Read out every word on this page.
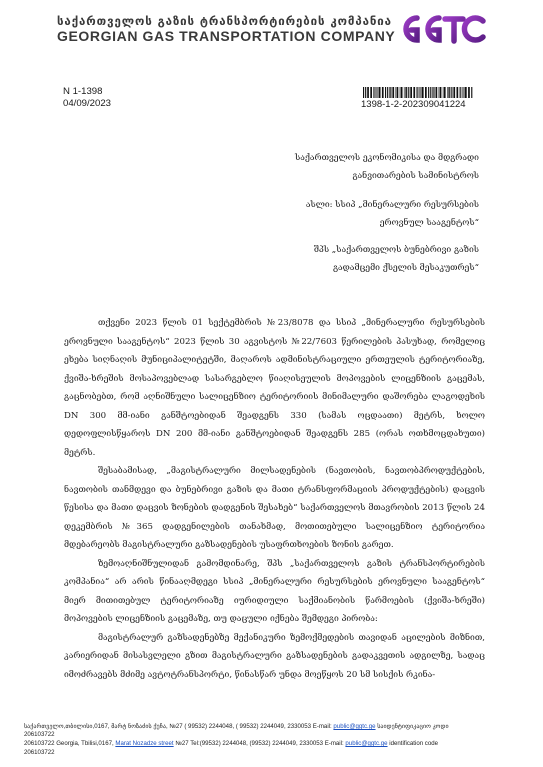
საქართველოს გაზის ტრანსპორტირების კომპანია
GEORGIAN GAS TRANSPORTATION COMPANY
N 1-1398
04/09/2023	1398-1-2-202309041224
საქართველოს ეკონომიკისა და მდგრადი
განვითარების სამინისტროს
ასლი: სსიპ „მინერალური რესურსების
ეროვნულ სააგენტოს“
შპს „საქართველოს ბუნებრივი გაზის
გადამცემი ქსელის მესაკუთრეს“

თქვენი 2023 წლის 01 სექტემბრის №23/8078 და სსიპ „მინერალური რესურსების ეროვნული სააგენტოს“ 2023 წლის 30 აგვისტოს №22/7603 წერილების პასუხად, რომელიც ეხება სიღნაღის მუნიციპალიტეტში, მაღაროს ადმინისტრაციული ერთეულის ტერიტორიაზე, ქვიშა-ხრეშის მოსაპოვებლად სასარგებლო წიაღისეულის მოპოვების ლიცენზიის გაცემას, გაცნობებთ, რომ აღნიშნული სალიცენზიო ტერიტორიის მინიმალური დაშორება ლაგოდეხის DN 300 მმ-იანი განშტოებიდან შეადგენს 330 (სამას ოცდაათი) მეტრს, ხოლო დედოფლისწყაროს DN 200 მმ-იანი განშტოებიდან შეადგენს 285 (ორას ოთხმოცდახუთი) მეტრს.

შესაბამისად, „მაგისტრალური მილსადენების (ნავთობის, ნავთობპროდუქტების, ნავთობის თანმდევი და ბუნებრივი გაზის და მათი ტრანსფორმაციის პროდუქტების) დაცვის წესისა და მათი დაცვის ზონების დადგენის შესახებ“ საქართველოს მთავრობის 2013 წლის 24 დეკემბრის №365 დადგენილების თანახმად, მოთითებული სალიცენზიო ტერიტორია მდებარეობს მაგისტრალური გაზსადენების უსაფრთხოების ზონის გარეთ.

ზემოაღნიშნულიდან გამომდინარე, შპს „საქართველოს გაზის ტრანსპორტირების კომპანია“ არ არის წინააღმდეგი სსიპ „მინერალური რესურსების ეროვნული სააგენტოს“ მიერ მითითებულ ტერიტორიაზე იურიდიული საქმიანობის წარმოების (ქვიშა-ხრეში) მოპოვების ლიცენზიის გაცემაზე, თუ დაცული იქნება შემდეგი პირობა:

მაგისტრალურ გაზსადენებზე მექანიკური ზემოქმედების თავიდან აცილების მიზნით, კარიერიდან მისასვლელი გზით მაგისტრალური გაზსადენების გადაკვეთის ადგილზე, სადაც იმოძრავებს მძიმე ავტოტრანსპორტი, წინასწარ უნდა მოეწყოს 20 სმ სისქის რკინა-

საქართველო,თბილისი,0167, მარტ ნოზაძის ქუჩა, №27 ( 99532) 2244048, ( 99532) 2244049, 2330053 E-mail: public@ggtc.ge საიდენტიფიკაციო კოდი
206103722
206103722 Georgia, Tbilisi,0167, Marat Nozadze street №27 Tel:(99532) 2244048, (99532) 2244049, 2330053 E-mail: public@ggtc.ge identification code
206103722
